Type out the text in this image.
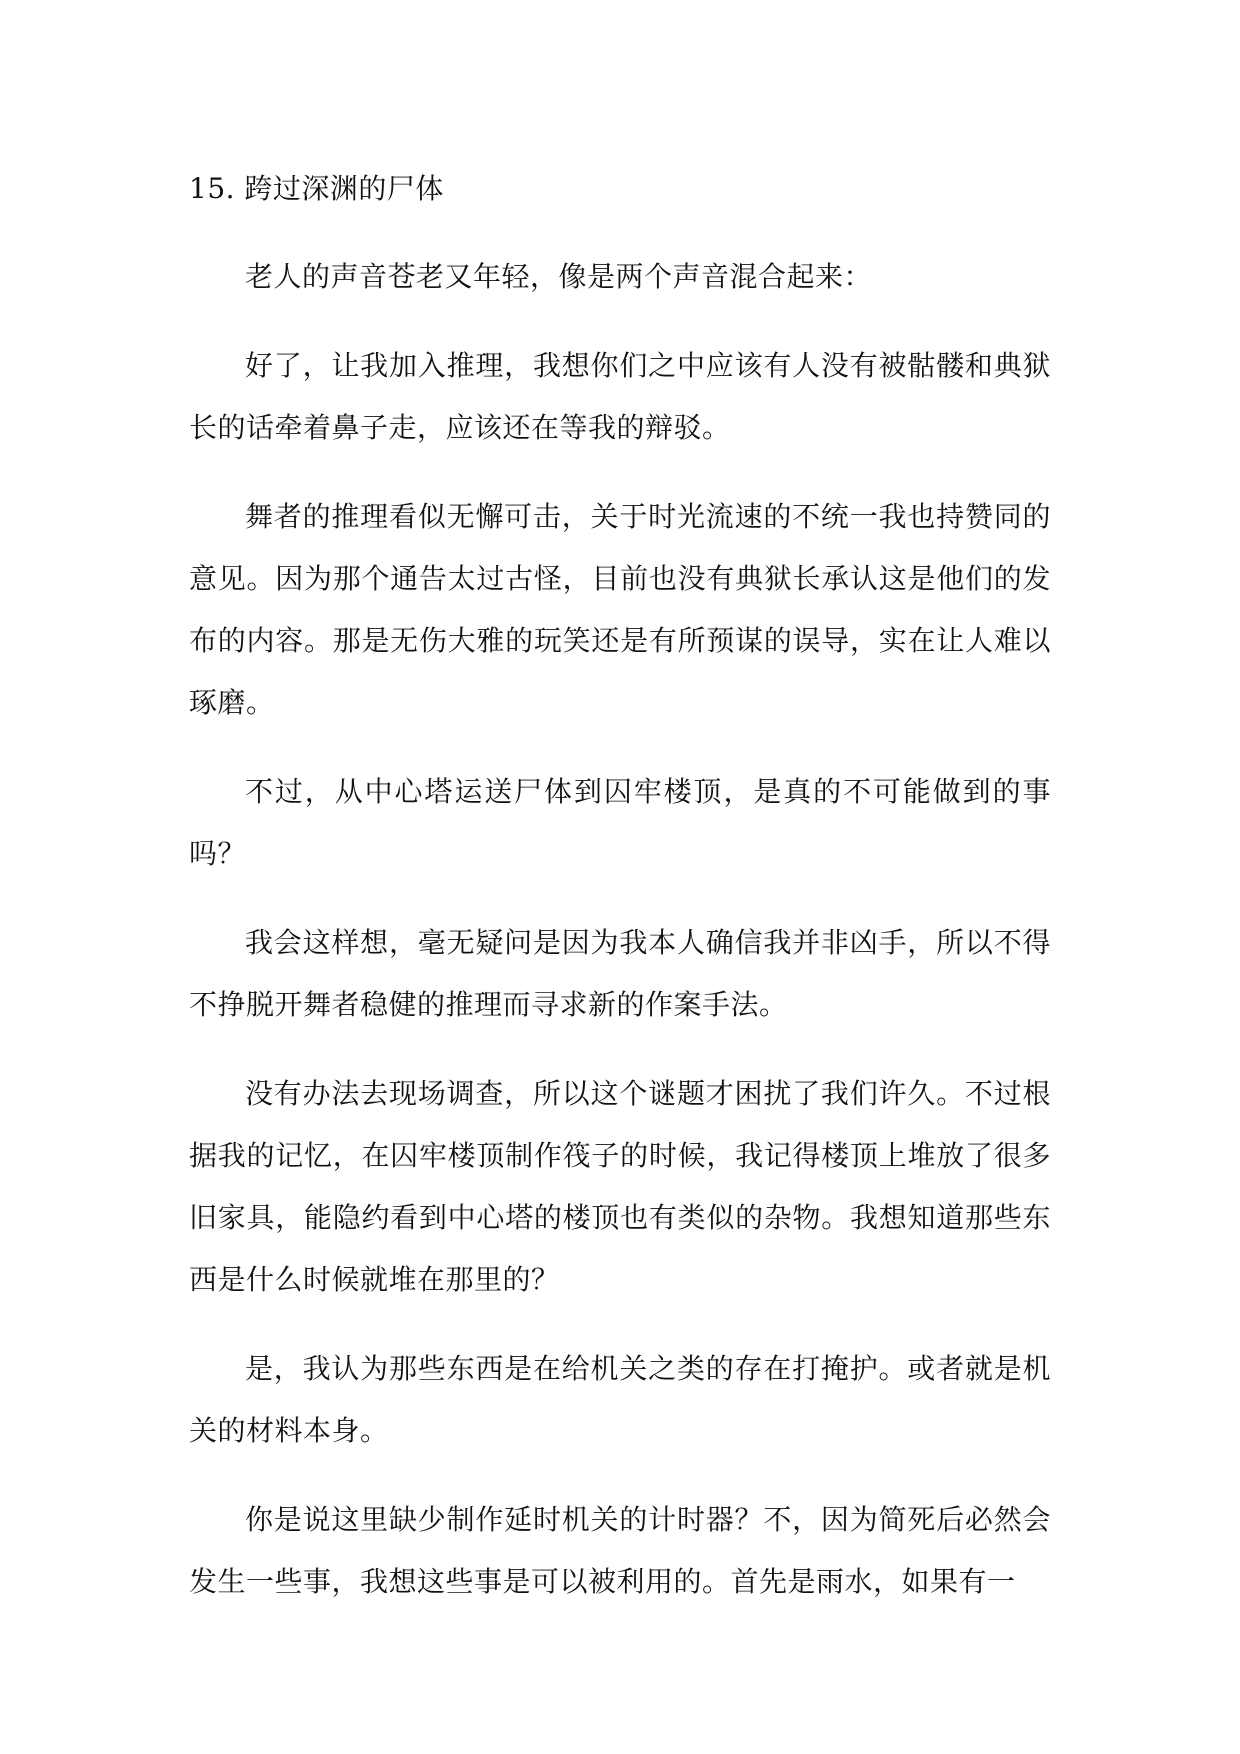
15. 跨过深渊的尸体

老人的声音苍老又年轻，像是两个声音混合起来：

好了，让我加入推理，我想你们之中应该有人没有被骷髅和典狱长的话牵着鼻子走，应该还在等我的辩驳。

舞者的推理看似无懈可击，关于时光流速的不统一我也持赞同的意见。因为那个通告太过古怪，目前也没有典狱长承认这是他们的发布的内容。那是无伤大雅的玩笑还是有所预谋的误导，实在让人难以琢磨。

不过，从中心塔运送尸体到囚牢楼顶，是真的不可能做到的事吗？

我会这样想，毫无疑问是因为我本人确信我并非凶手，所以不得不挣脱开舞者稳健的推理而寻求新的作案手法。

没有办法去现场调查，所以这个谜题才困扰了我们许久。不过根据我的记忆，在囚牢楼顶制作筏子的时候，我记得楼顶上堆放了很多旧家具，能隐约看到中心塔的楼顶也有类似的杂物。我想知道那些东西是什么时候就堆在那里的？

是，我认为那些东西是在给机关之类的存在打掩护。或者就是机关的材料本身。

你是说这里缺少制作延时机关的计时器？不，因为简死后必然会发生一些事，我想这些事是可以被利用的。首先是雨水，如果有一
